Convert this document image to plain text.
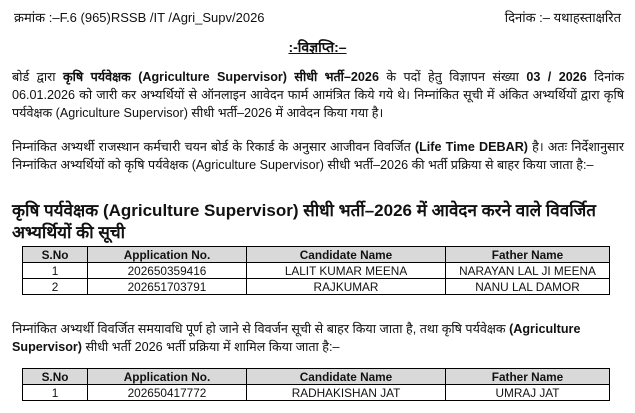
क्रमांक :–F.6 (965)RSSB /IT /Agri_Supv/2026	दिनांक :– यथाहस्ताक्षरित
:-विज्ञप्ति:–
बोर्ड द्वारा कृषि पर्यवेक्षक (Agriculture Supervisor) सीधी भर्ती–2026 के पदों हेतु विज्ञापन संख्या 03 / 2026 दिनांक 06.01.2026 को जारी कर अभ्यर्थियों से ऑनलाइन आवेदन फार्म आमंत्रित किये गये थे। निम्नांकित सूची में अंकित अभ्यर्थियों द्वारा कृषि पर्यवेक्षक (Agriculture Supervisor) सीधी भर्ती–2026 में आवेदन किया गया है।
निम्नांकित अभ्यर्थी राजस्थान कर्मचारी चयन बोर्ड के रिकार्ड के अनुसार आजीवन विवर्जित (Life Time DEBAR) है। अतः निर्देशानुसार निम्नांकित अभ्यर्थियों को कृषि पर्यवेक्षक (Agriculture Supervisor) सीधी भर्ती–2026 की भर्ती प्रक्रिया से बाहर किया जाता है:–
कृषि पर्यवेक्षक (Agriculture Supervisor) सीधी भर्ती–2026 में आवेदन करने वाले विवर्जित अभ्यर्थियों की सूची
S.No	Application No.	Candidate Name	Father Name
1	202650359416	LALIT KUMAR MEENA	NARAYAN LAL JI MEENA
2	202651703791	RAJKUMAR	NANU LAL DAMOR
निम्नांकित अभ्यर्थी विवर्जित समयावधि पूर्ण हो जाने से विवर्जन सूची से बाहर किया जाता है, तथा कृषि पर्यवेक्षक (Agriculture Supervisor) सीधी भर्ती 2026 भर्ती प्रक्रिया में शामिल किया जाता है:–
S.No	Application No.	Candidate Name	Father Name
1	202650417772	RADHAKISHAN JAT	UMRAJ JAT
